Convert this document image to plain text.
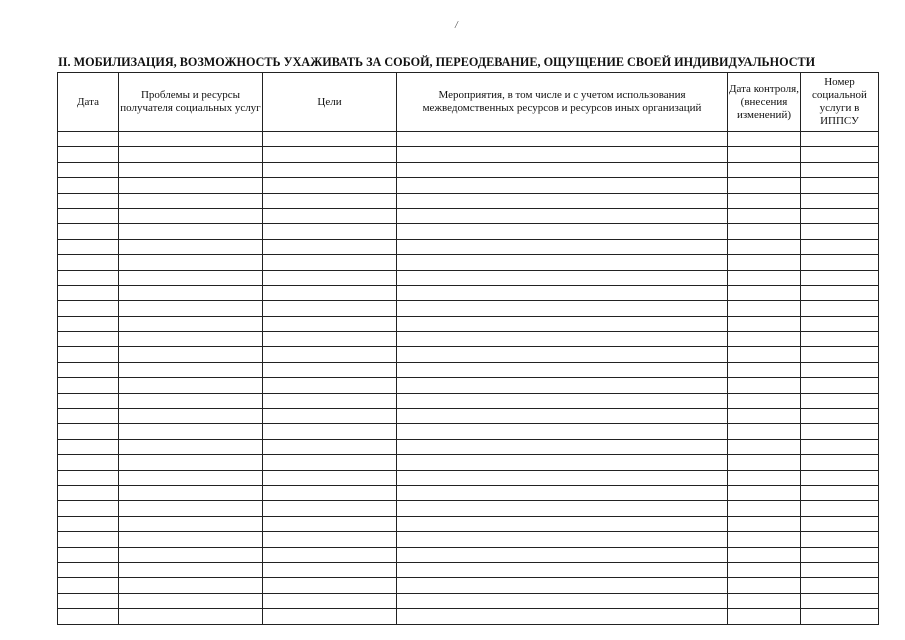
/
II. МОБИЛИЗАЦИЯ, ВОЗМОЖНОСТЬ УХАЖИВАТЬ ЗА СОБОЙ, ПЕРЕОДЕВАНИЕ, ОЩУЩЕНИЕ СВОЕЙ ИНДИВИДУАЛЬНОСТИ
Дата	Проблемы и ресурсы получателя социальных услуг	Цели	Мероприятия, в том числе и с учетом использования межведомственных ресурсов и ресурсов иных организаций	Дата контроля, (внесения изменений)	Номер социальной услуги в ИППСУ
